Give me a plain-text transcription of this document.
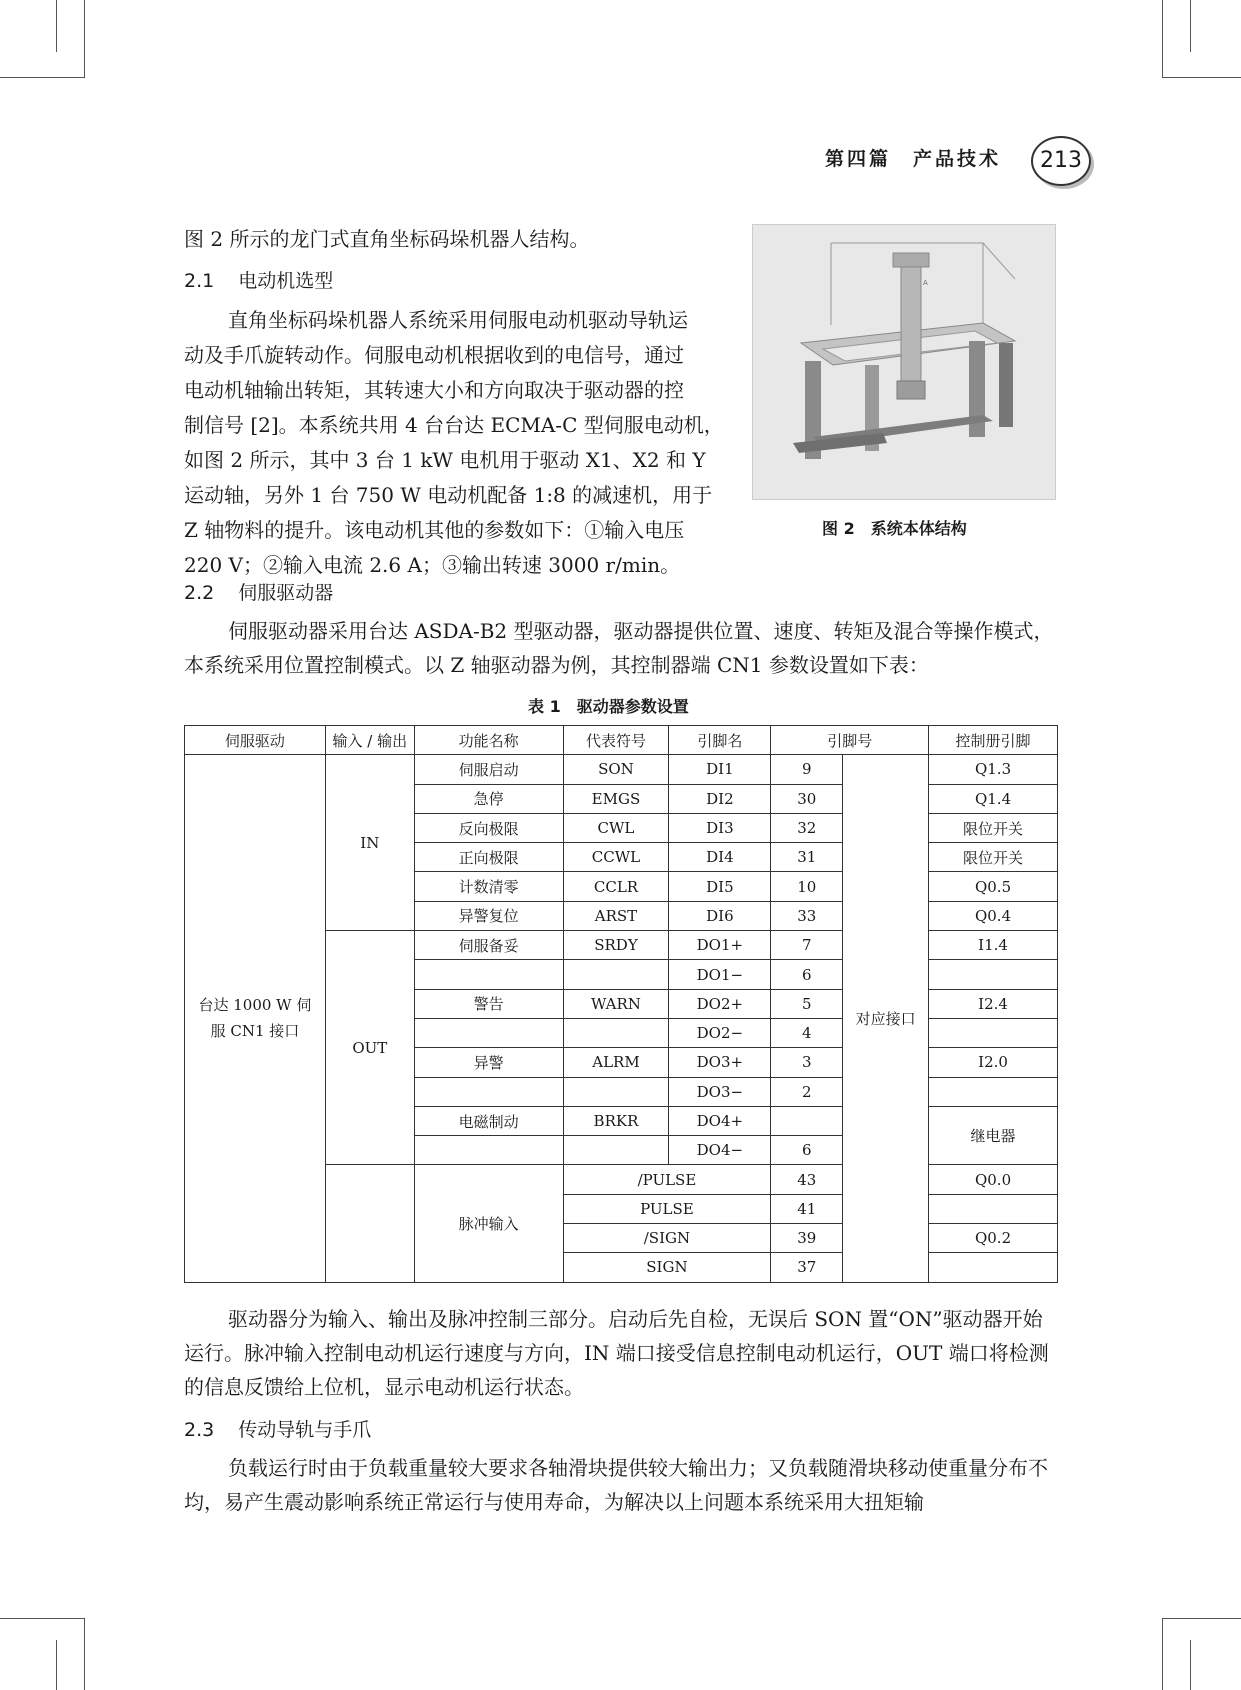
第四篇　产品技术	213
图 2 所示的龙门式直角坐标码垛机器人结构。
2.1 电动机选型
直角坐标码垛机器人系统采用伺服电动机驱动导轨运
动及手爪旋转动作。伺服电动机根据收到的电信号，通过
电动机轴输出转矩，其转速大小和方向取决于驱动器的控
制信号 [2]。本系统共用 4 台台达 ECMA-C 型伺服电动机，
如图 2 所示，其中 3 台 1 kW 电机用于驱动 X1、X2 和 Y
运动轴，另外 1 台 750 W 电动机配备 1:8 的减速机，用于
Z 轴物料的提升。该电动机其他的参数如下：①输入电压
220 V；②输入电流 2.6 A；③输出转速 3000 r/min。
A
图 2　系统本体结构
2.2 伺服驱动器
伺服驱动器采用台达 ASDA-B2 型驱动器，驱动器提供位置、速度、转矩及混合等操作模式，本系统采用位置控制模式。以 Z 轴驱动器为例，其控制器端 CN1 参数设置如下表：
表 1　驱动器参数设置
伺服驱动	输入 / 输出	功能名称	代表符号	引脚名	引脚号		控制册引脚
台达 1000 W 伺服 CN1 接口	IN	伺服启动	SON	DI1	9	对应接口	Q1.3
		急停	EMGS	DI2	30		Q1.4
		反向极限	CWL	DI3	32		限位开关
		正向极限	CCWL	DI4	31		限位开关
		计数清零	CCLR	DI5	10		Q0.5
		异警复位	ARST	DI6	33		Q0.4
	OUT	伺服备妥	SRDY	DO1+	7		I1.4
				DO1−	6		
		警告	WARN	DO2+	5		I2.4
				DO2−	4		
		异警	ALRM	DO3+	3		I2.0
				DO3−	2		
		电磁制动	BRKR	DO4+			继电器
				DO4−	6		
		脉冲输入	/PULSE		43		Q0.0
			PULSE		41		
			/SIGN		39		Q0.2
			SIGN		37		
驱动器分为输入、输出及脉冲控制三部分。启动后先自检，无误后 SON 置“ON”驱动器开始运行。脉冲输入控制电动机运行速度与方向，IN 端口接受信息控制电动机运行，OUT 端口将检测的信息反馈给上位机，显示电动机运行状态。
2.3 传动导轨与手爪
负载运行时由于负载重量较大要求各轴滑块提供较大输出力；又负载随滑块移动使重量分布不均，易产生震动影响系统正常运行与使用寿命，为解决以上问题本系统采用大扭矩输
